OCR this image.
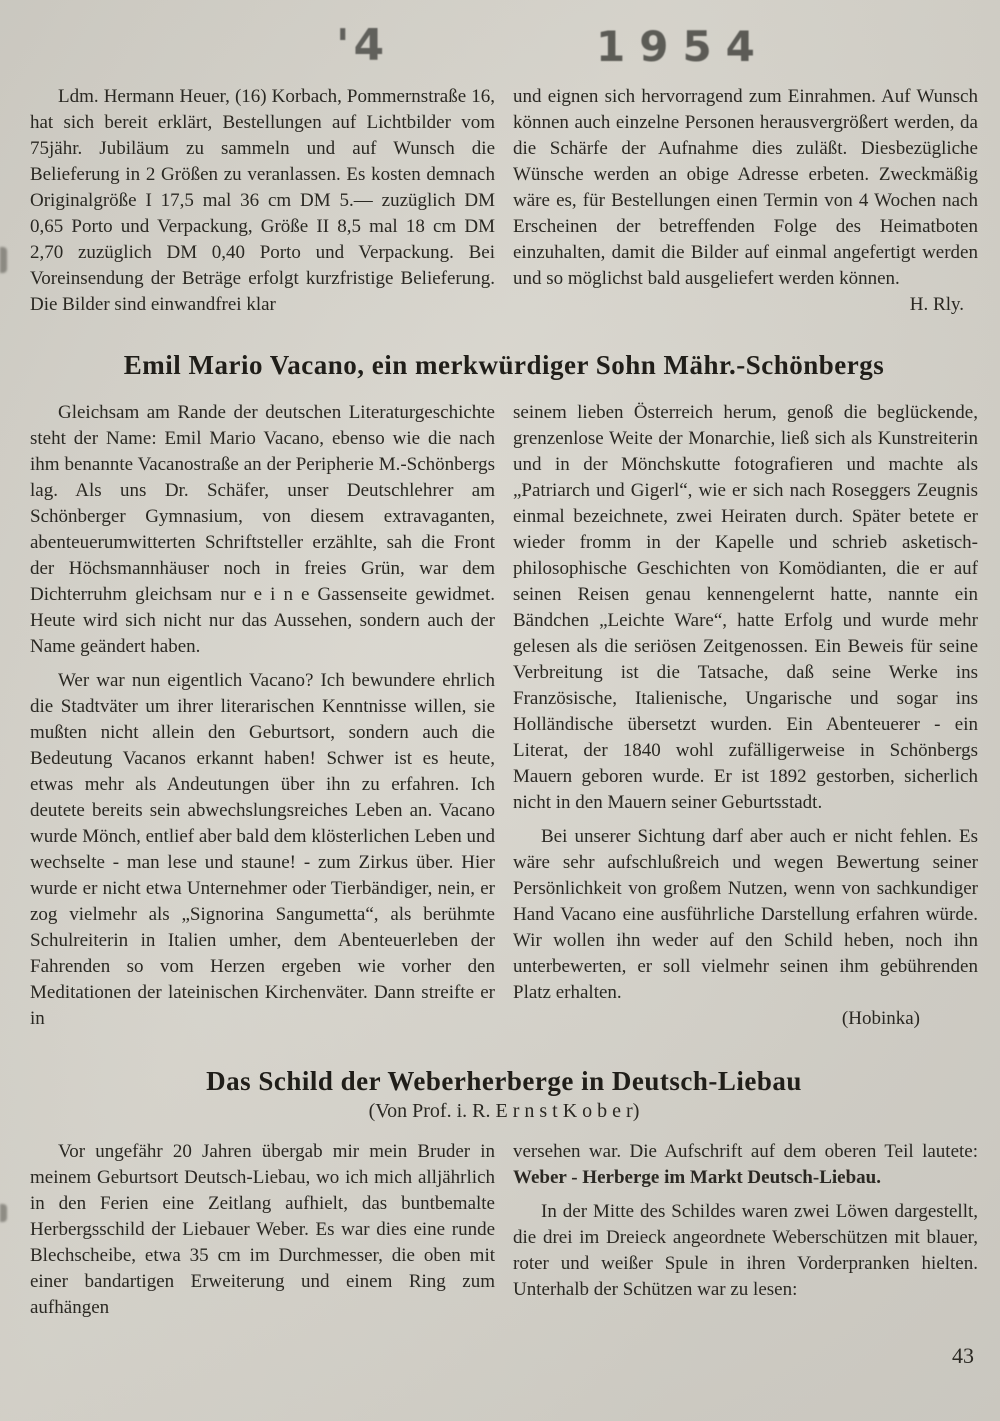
'4	1954

Ldm. Hermann Heuer, (16) Korbach, Pommernstraße 16, hat sich bereit erklärt, Bestellungen auf Lichtbilder vom 75jähr. Jubiläum zu sammeln und auf Wunsch die Belieferung in 2 Größen zu veranlassen. Es kosten demnach Originalgröße I 17,5 mal 36 cm DM 5.— zuzüglich DM 0,65 Porto und Verpackung, Größe II 8,5 mal 18 cm DM 2,70 zuzüglich DM 0,40 Porto und Verpackung. Bei Voreinsendung der Beträge erfolgt kurzfristige Belieferung. Die Bilder sind einwandfrei klar

und eignen sich hervorragend zum Einrahmen. Auf Wunsch können auch einzelne Personen herausvergrößert werden, da die Schärfe der Aufnahme dies zuläßt. Diesbezügliche Wünsche werden an obige Adresse erbeten. Zweckmäßig wäre es, für Bestellungen einen Termin von 4 Wochen nach Erscheinen der betreffenden Folge des Heimatboten einzuhalten, damit die Bilder auf einmal angefertigt werden und so möglichst bald ausgeliefert werden können.

H. Rly.

Emil Mario Vacano, ein merkwürdiger Sohn Mähr.-Schönbergs

Gleichsam am Rande der deutschen Literaturgeschichte steht der Name: Emil Mario Vacano, ebenso wie die nach ihm benannte Vacanostraße an der Peripherie M.-Schönbergs lag. Als uns Dr. Schäfer, unser Deutschlehrer am Schönberger Gymnasium, von diesem extravaganten, abenteuerumwitterten Schriftsteller erzählte, sah die Front der Höchsmannhäuser noch in freies Grün, war dem Dichterruhm gleichsam nur e i n e Gassenseite gewidmet. Heute wird sich nicht nur das Aussehen, sondern auch der Name geändert haben.

Wer war nun eigentlich Vacano? Ich bewundere ehrlich die Stadtväter um ihrer literarischen Kenntnisse willen, sie mußten nicht allein den Geburtsort, sondern auch die Bedeutung Vacanos erkannt haben! Schwer ist es heute, etwas mehr als Andeutungen über ihn zu erfahren. Ich deutete bereits sein abwechslungsreiches Leben an. Vacano wurde Mönch, entlief aber bald dem klösterlichen Leben und wechselte - man lese und staune! - zum Zirkus über. Hier wurde er nicht etwa Unternehmer oder Tierbändiger, nein, er zog vielmehr als „Signorina Sangumetta“, als berühmte Schulreiterin in Italien umher, dem Abenteuerleben der Fahrenden so vom Herzen ergeben wie vorher den Meditationen der lateinischen Kirchenväter. Dann streifte er in

seinem lieben Österreich herum, genoß die beglückende, grenzenlose Weite der Monarchie, ließ sich als Kunstreiterin und in der Mönchskutte fotografieren und machte als „Patriarch und Gigerl“, wie er sich nach Roseggers Zeugnis einmal bezeichnete, zwei Heiraten durch. Später betete er wieder fromm in der Kapelle und schrieb asketisch-philosophische Geschichten von Komödianten, die er auf seinen Reisen genau kennengelernt hatte, nannte ein Bändchen „Leichte Ware“, hatte Erfolg und wurde mehr gelesen als die seriösen Zeitgenossen. Ein Beweis für seine Verbreitung ist die Tatsache, daß seine Werke ins Französische, Italienische, Ungarische und sogar ins Holländische übersetzt wurden. Ein Abenteuerer - ein Literat, der 1840 wohl zufälligerweise in Schönbergs Mauern geboren wurde. Er ist 1892 gestorben, sicherlich nicht in den Mauern seiner Geburtsstadt.

Bei unserer Sichtung darf aber auch er nicht fehlen. Es wäre sehr aufschlußreich und wegen Bewertung seiner Persönlichkeit von großem Nutzen, wenn von sachkundiger Hand Vacano eine ausführliche Darstellung erfahren würde. Wir wollen ihn weder auf den Schild heben, noch ihn unterbewerten, er soll vielmehr seinen ihm gebührenden Platz erhalten.

(Hobinka)

Das Schild der Weberherberge in Deutsch-Liebau

(Von Prof. i. R. E r n s t K o b e r)

Vor ungefähr 20 Jahren übergab mir mein Bruder in meinem Geburtsort Deutsch-Liebau, wo ich mich alljährlich in den Ferien eine Zeitlang aufhielt, das buntbemalte Herbergsschild der Liebauer Weber. Es war dies eine runde Blechscheibe, etwa 35 cm im Durchmesser, die oben mit einer bandartigen Erweiterung und einem Ring zum aufhängen

versehen war. Die Aufschrift auf dem oberen Teil lautete: Weber - Herberge im Markt Deutsch-Liebau.

In der Mitte des Schildes waren zwei Löwen dargestellt, die drei im Dreieck angeordnete Weberschützen mit blauer, roter und weißer Spule in ihren Vorderpranken hielten. Unterhalb der Schützen war zu lesen:

43
